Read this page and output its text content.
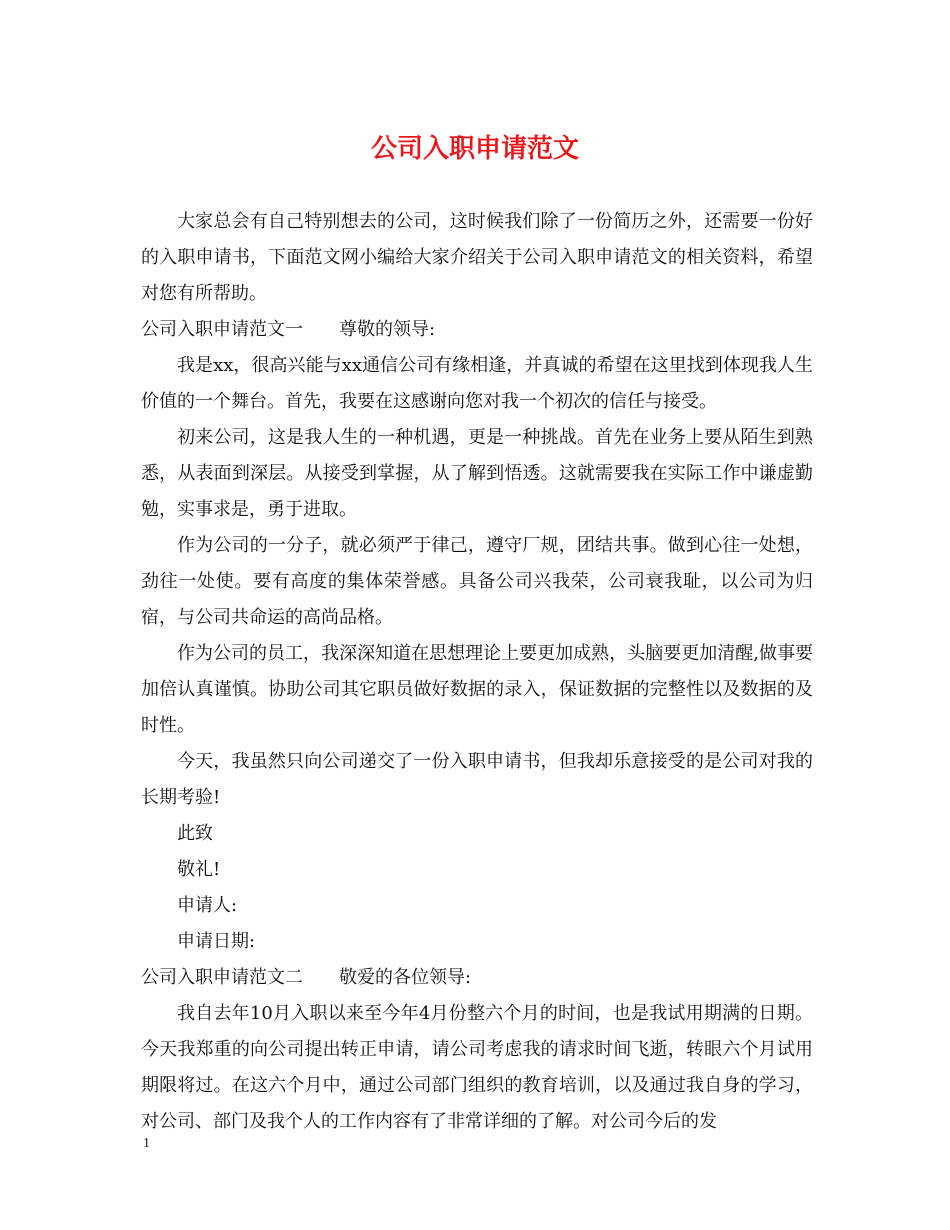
公司入职申请范文

大家总会有自己特别想去的公司，这时候我们除了一份简历之外，还需要一份好的入职申请书，下面范文网小编给大家介绍关于公司入职申请范文的相关资料，希望对您有所帮助。

公司入职申请范文一　　尊敬的领导:

我是xx，很高兴能与xx通信公司有缘相逢，并真诚的希望在这里找到体现我人生价值的一个舞台。首先，我要在这感谢向您对我一个初次的信任与接受。

初来公司，这是我人生的一种机遇，更是一种挑战。首先在业务上要从陌生到熟悉，从表面到深层。从接受到掌握，从了解到悟透。这就需要我在实际工作中谦虚勤勉，实事求是，勇于进取。

作为公司的一分子，就必须严于律己，遵守厂规，团结共事。做到心往一处想，劲往一处使。要有高度的集体荣誉感。具备公司兴我荣，公司衰我耻，以公司为归宿，与公司共命运的高尚品格。

作为公司的员工，我深深知道在思想理论上要更加成熟，头脑要更加清醒,做事要加倍认真谨慎。协助公司其它职员做好数据的录入，保证数据的完整性以及数据的及时性。

今天，我虽然只向公司递交了一份入职申请书，但我却乐意接受的是公司对我的长期考验!

此致

敬礼!

申请人:

申请日期:

公司入职申请范文二　　敬爱的各位领导:

我自去年10月入职以来至今年4月份整六个月的时间，也是我试用期满的日期。今天我郑重的向公司提出转正申请，请公司考虑我的请求时间飞逝，转眼六个月试用期限将过。在这六个月中，通过公司部门组织的教育培训，以及通过我自身的学习，对公司、部门及我个人的工作内容有了非常详细的了解。对公司今后的发

1
